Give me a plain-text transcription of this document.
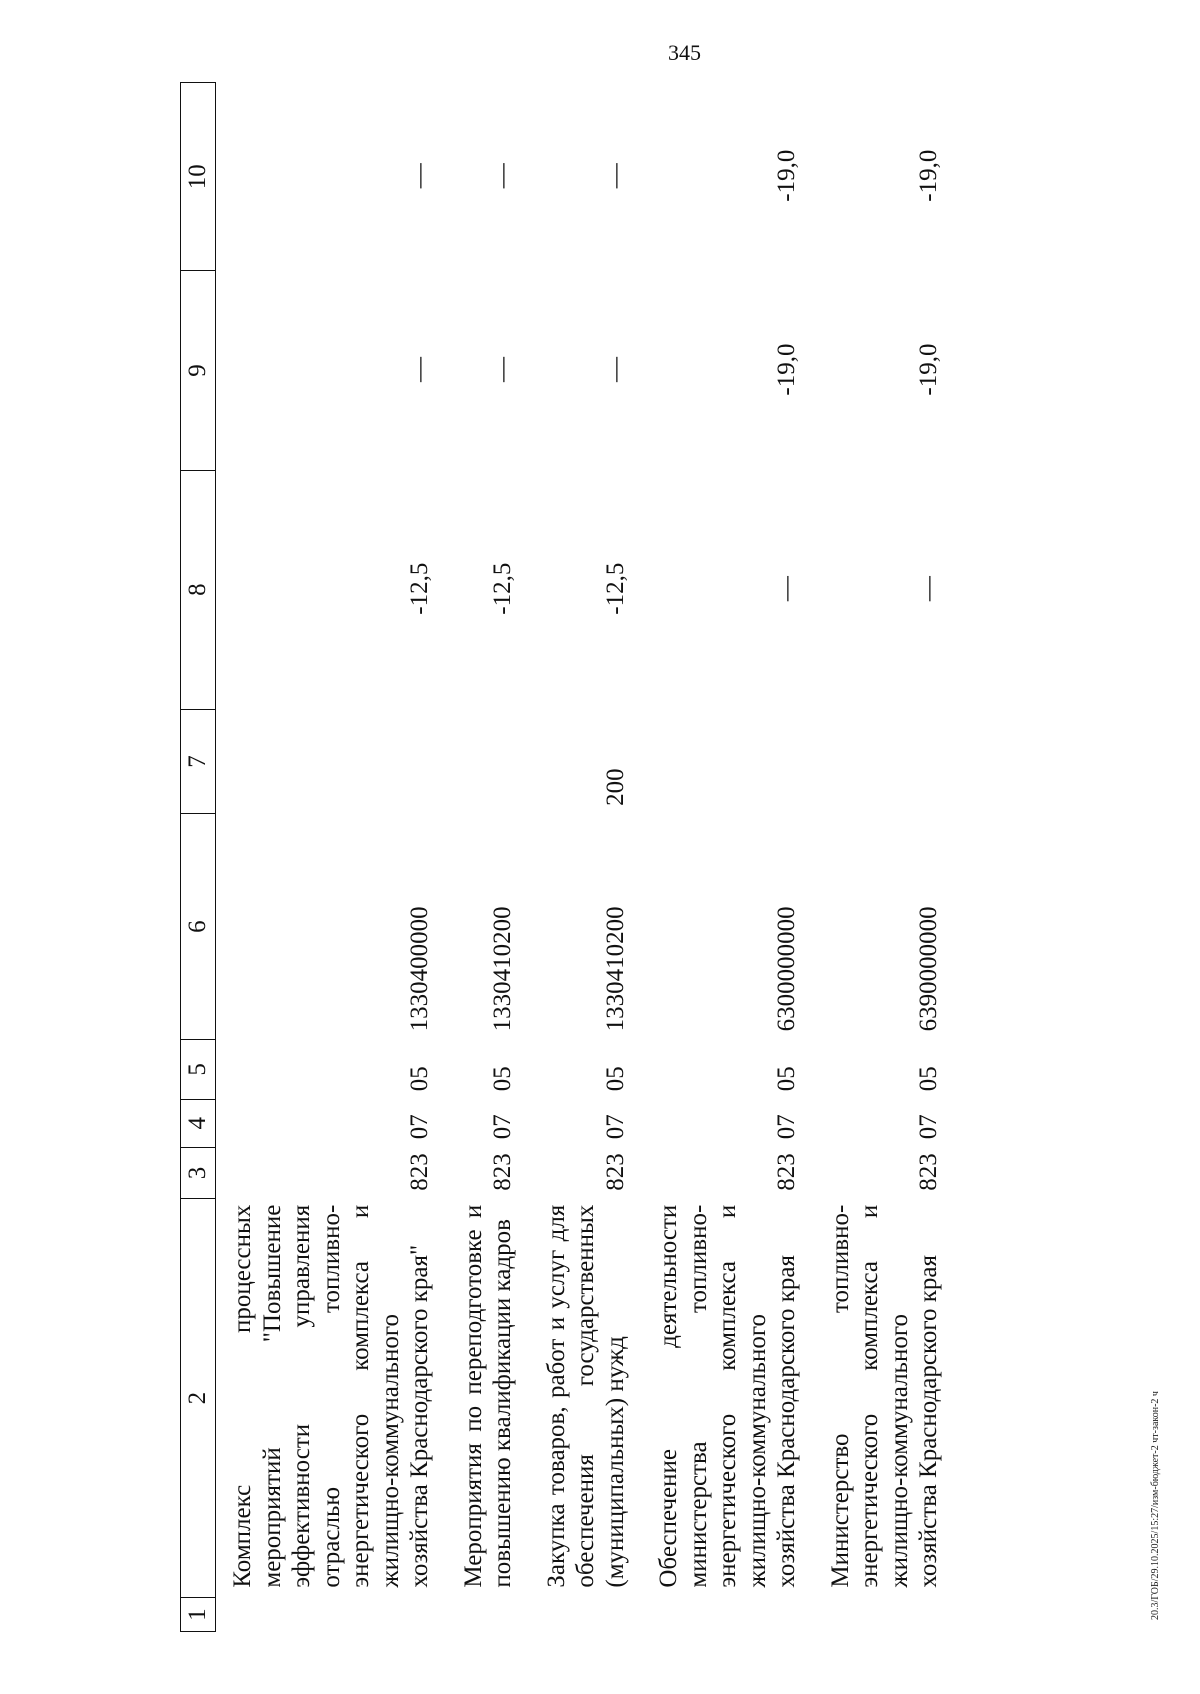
345
20.3/ГОБ/29.10.2025/15:27/изм-бюджет-2 чт-закон-2 ч
1	2	3	4	5	6	7	8	9	10
	Комплекс процессных мероприятий "Повышение эффективности управления отраслью топливно-энергетического комплекса и жилищно-коммунального хозяйства Краснодарского края"	823	07	05	1330400000		-12,5	—	—
	Мероприятия по переподготовке и повышению квалификации кадров	823	07	05	1330410200		-12,5	—	—
	Закупка товаров, работ и услуг для обеспечения государственных (муниципальных) нужд	823	07	05	1330410200	200	-12,5	—	—
	Обеспечение деятельности министерства топливно-энергетического комплекса и жилищно-коммунального хозяйства Краснодарского края	823	07	05	6300000000		—	-19,0	-19,0
	Министерство топливно-энергетического комплекса и жилищно-коммунального хозяйства Краснодарского края	823	07	05	6390000000		—	-19,0	-19,0
